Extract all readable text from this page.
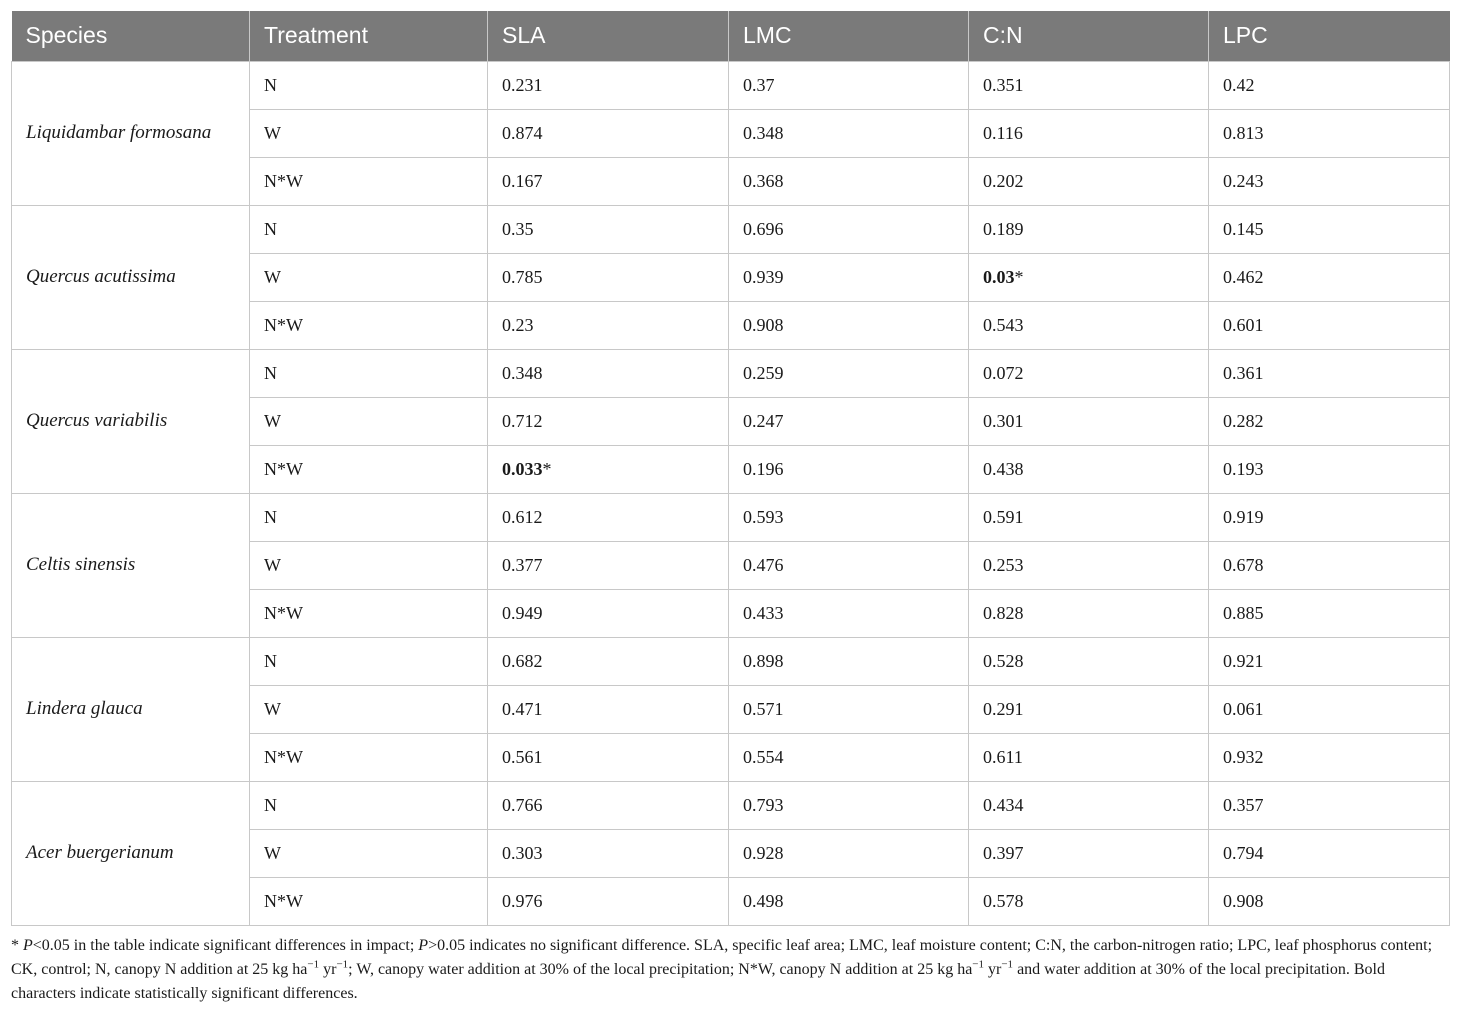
Species	Treatment	SLA	LMC	C:N	LPC
Liquidambar formosana	N	0.231	0.37	0.351	0.42
	W	0.874	0.348	0.116	0.813
	N*W	0.167	0.368	0.202	0.243
Quercus acutissima	N	0.35	0.696	0.189	0.145
	W	0.785	0.939	0.03*	0.462
	N*W	0.23	0.908	0.543	0.601
Quercus variabilis	N	0.348	0.259	0.072	0.361
	W	0.712	0.247	0.301	0.282
	N*W	0.033*	0.196	0.438	0.193
Celtis sinensis	N	0.612	0.593	0.591	0.919
	W	0.377	0.476	0.253	0.678
	N*W	0.949	0.433	0.828	0.885
Lindera glauca	N	0.682	0.898	0.528	0.921
	W	0.471	0.571	0.291	0.061
	N*W	0.561	0.554	0.611	0.932
Acer buergerianum	N	0.766	0.793	0.434	0.357
	W	0.303	0.928	0.397	0.794
	N*W	0.976	0.498	0.578	0.908
* P<0.05 in the table indicate significant differences in impact; P>0.05 indicates no significant difference. SLA, specific leaf area; LMC, leaf moisture content; C:N, the carbon-nitrogen ratio; LPC, leaf phosphorus content; CK, control; N, canopy N addition at 25 kg $ha^{-1}$ $yr^{-1}$; W, canopy water addition at 30% of the local precipitation; N*W, canopy N addition at 25 kg $ha^{-1}$ $yr^{-1}$ and water addition at 30% of the local precipitation. Bold characters indicate statistically significant differences.
